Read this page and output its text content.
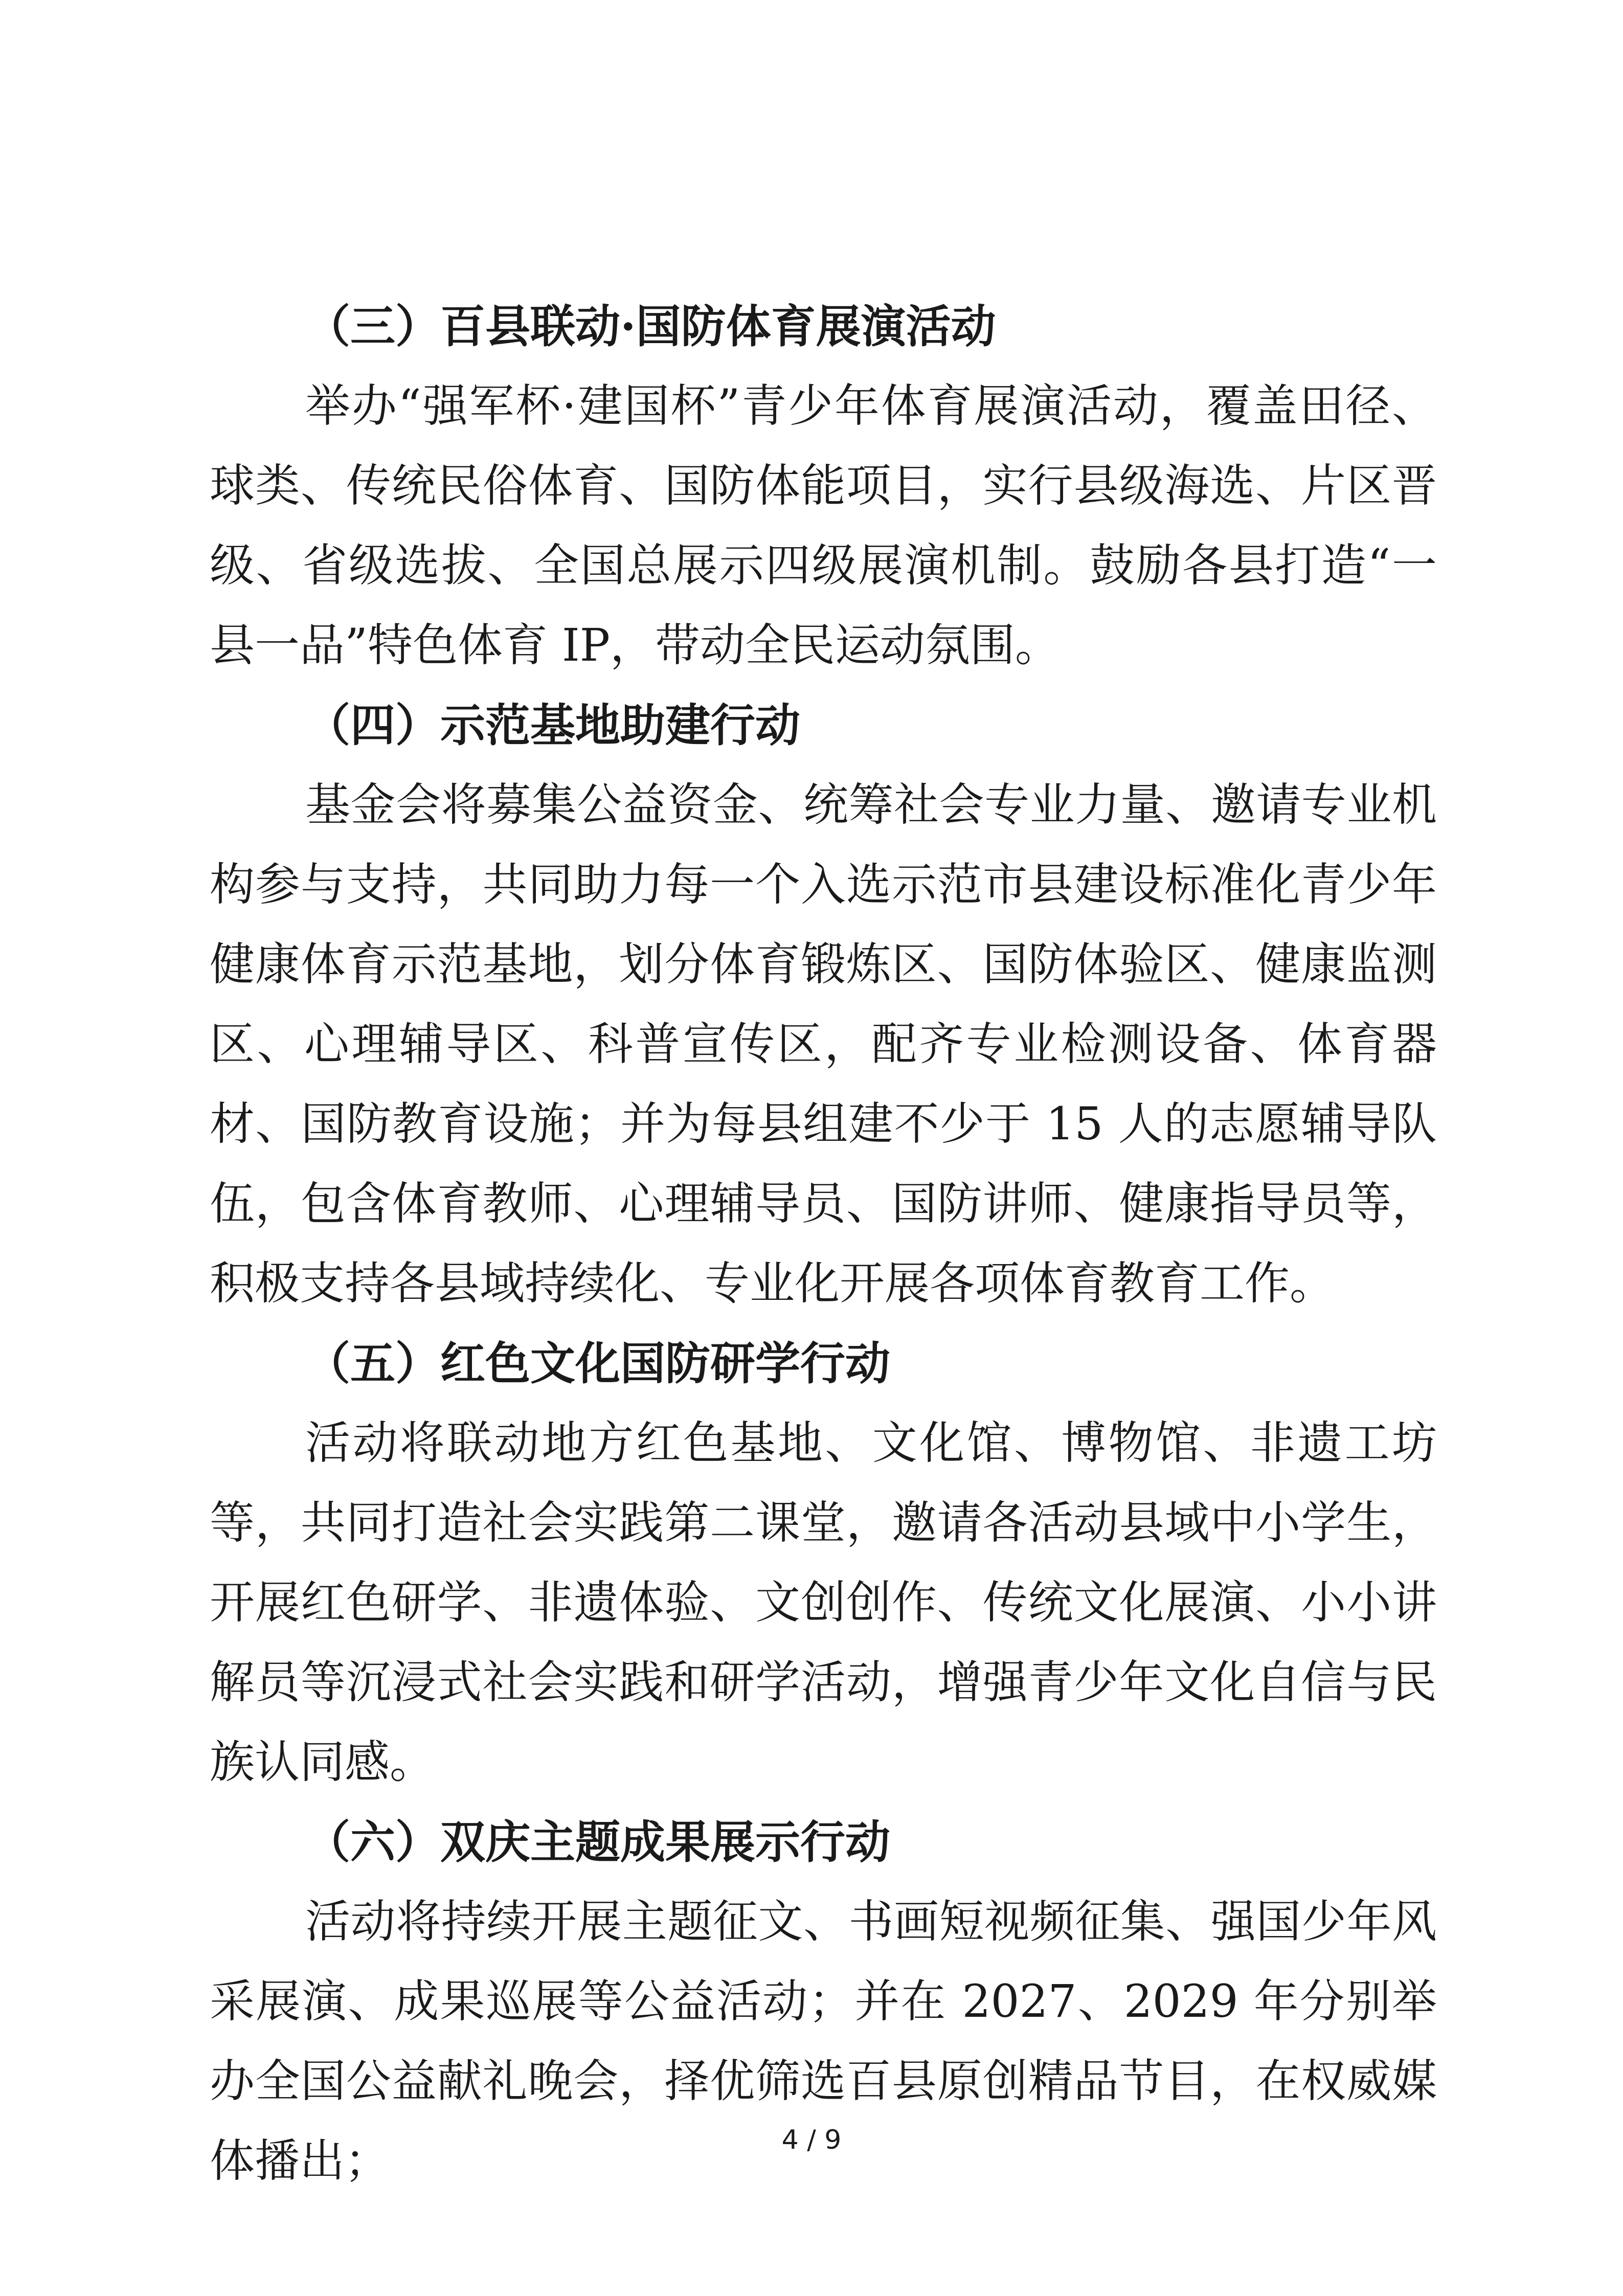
（三）百县联动·国防体育展演活动

举办“强军杯·建国杯”青少年体育展演活动，覆盖田径、球类、传统民俗体育、国防体能项目，实行县级海选、片区晋级、省级选拔、全国总展示四级展演机制。鼓励各县打造“一县一品”特色体育 IP，带动全民运动氛围。

（四）示范基地助建行动

基金会将募集公益资金、统筹社会专业力量、邀请专业机构参与支持，共同助力每一个入选示范市县建设标准化青少年健康体育示范基地，划分体育锻炼区、国防体验区、健康监测区、心理辅导区、科普宣传区，配齐专业检测设备、体育器材、国防教育设施；并为每县组建不少于 15 人的志愿辅导队伍，包含体育教师、心理辅导员、国防讲师、健康指导员等，积极支持各县域持续化、专业化开展各项体育教育工作。

（五）红色文化国防研学行动

活动将联动地方红色基地、文化馆、博物馆、非遗工坊等，共同打造社会实践第二课堂，邀请各活动县域中小学生，开展红色研学、非遗体验、文创创作、传统文化展演、小小讲解员等沉浸式社会实践和研学活动，增强青少年文化自信与民族认同感。

（六）双庆主题成果展示行动

活动将持续开展主题征文、书画短视频征集、强国少年风采展演、成果巡展等公益活动；并在 2027、2029 年分别举办全国公益献礼晚会，择优筛选百县原创精品节目，在权威媒体播出；	4 / 9
